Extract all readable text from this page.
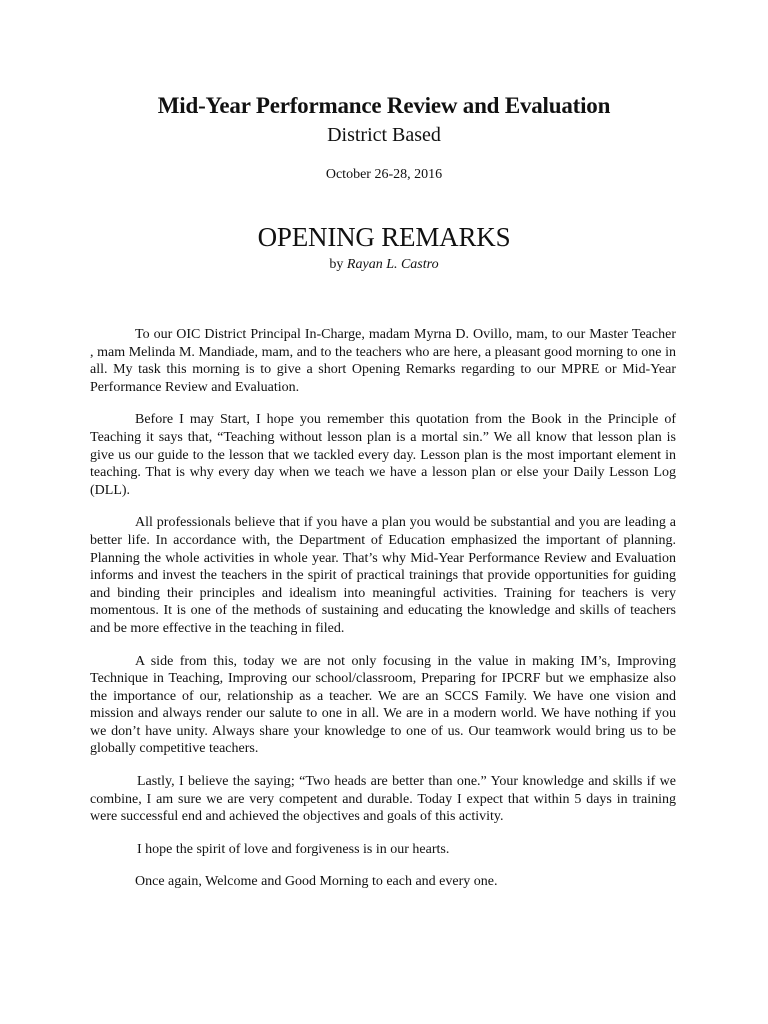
Mid-Year Performance Review and Evaluation
District Based
October 26-28, 2016
OPENING REMARKS
by Rayan L. Castro

To our OIC District Principal In-Charge, madam Myrna D. Ovillo, mam, to our Master Teacher , mam Melinda M. Mandiade, mam, and to the teachers who are here, a pleasant good morning to one in all. My task this morning is to give a short Opening Remarks regarding to our MPRE or Mid-Year Performance Review and Evaluation.

Before I may Start, I hope you remember this quotation from the Book in the Principle of Teaching it says that, “Teaching without lesson plan is a mortal sin.” We all know that lesson plan is give us our guide to the lesson that we tackled every day. Lesson plan is the most important element in teaching. That is why every day when we teach we have a lesson plan or else your Daily Lesson Log (DLL).

All professionals believe that if you have a plan you would be substantial and you are leading a better life. In accordance with, the Department of Education emphasized the important of planning. Planning the whole activities in whole year. That’s why Mid-Year Performance Review and Evaluation informs and invest the teachers in the spirit of practical trainings that provide opportunities for guiding and binding their principles and idealism into meaningful activities. Training for teachers is very momentous. It is one of the methods of sustaining and educating the knowledge and skills of teachers and be more effective in the teaching in filed.

A side from this, today we are not only focusing in the value in making IM’s, Improving Technique in Teaching, Improving our school/classroom, Preparing for IPCRF but we emphasize also the importance of our, relationship as a teacher. We are an SCCS Family. We have one vision and mission and always render our salute to one in all. We are in a modern world. We have nothing if you we don’t have unity. Always share your knowledge to one of us. Our teamwork would bring us to be globally competitive teachers.

Lastly, I believe the saying; “Two heads are better than one.” Your knowledge and skills if we combine, I am sure we are very competent and durable. Today I expect that within 5 days in training were successful end and achieved the objectives and goals of this activity.

I hope the spirit of love and forgiveness is in our hearts.

Once again, Welcome and Good Morning to each and every one.
